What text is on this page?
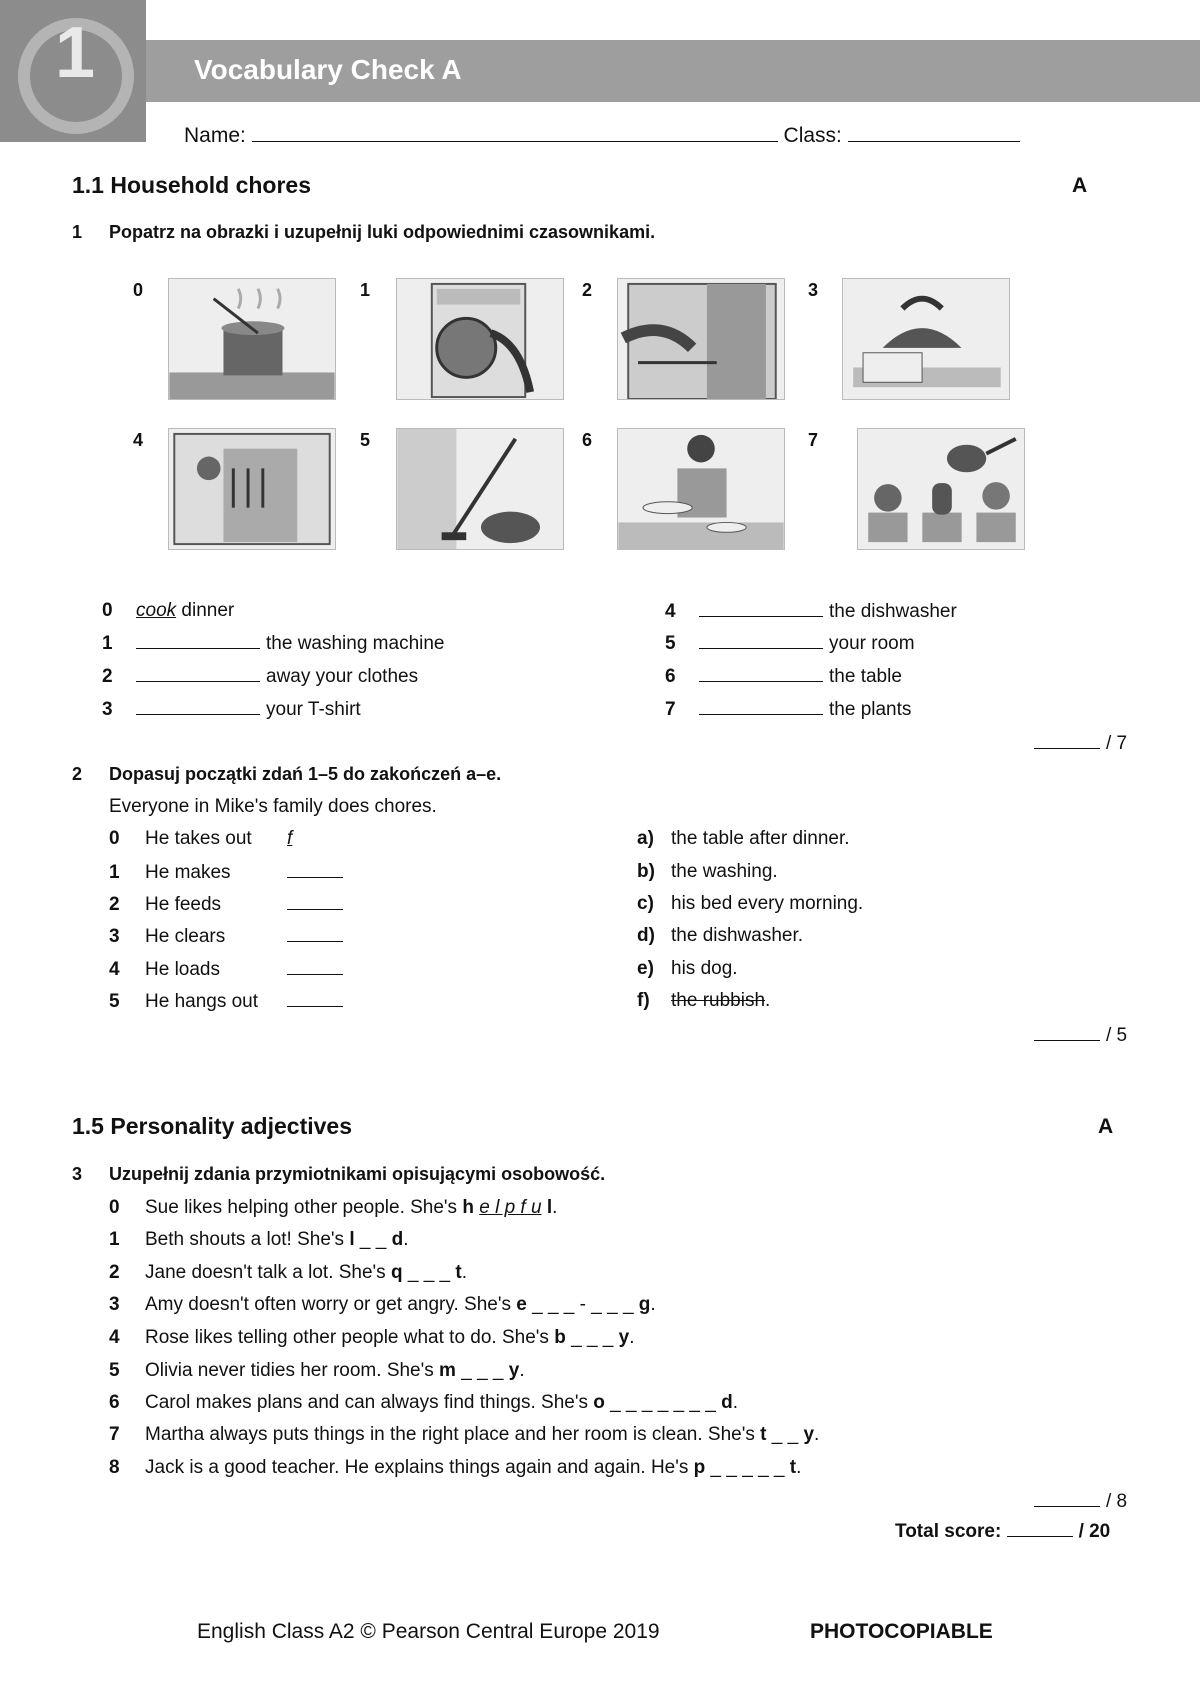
1	Vocabulary Check A
Name:	Class:
1.1 Household chores	A
1 Popatrz na obrazki i uzupełnij luki odpowiednimi czasownikami.
0	1	2	3
4	5	6	7
0 cook dinner
1	the washing machine
2	away your clothes
3	your T-shirt
4	the dishwasher
5	your room
6	the table
7	the plants
/ 7
2 Dopasuj początki zdań 1–5 do zakończeń a–e.
Everyone in Mike's family does chores.
0 He takes out f
1 He makes
2 He feeds
3 He clears
4 He loads
5 He hangs out
a) the table after dinner.
b) the washing.
c) his bed every morning.
d) the dishwasher.
e) his dog.
f) the rubbish.
/ 5
1.5 Personality adjectives	A
3 Uzupełnij zdania przymiotnikami opisującymi osobowość.
0 Sue likes helping other people. She's h e l p f u l.
1 Beth shouts a lot! She's l _ _ d.
2 Jane doesn't talk a lot. She's q _ _ _ t.
3 Amy doesn't often worry or get angry. She's e _ _ _ - _ _ _ g.
4 Rose likes telling other people what to do. She's b _ _ _ y.
5 Olivia never tidies her room. She's m _ _ _ y.
6 Carol makes plans and can always find things. She's o _ _ _ _ _ _ _ d.
7 Martha always puts things in the right place and her room is clean. She's t _ _ y.
8 Jack is a good teacher. He explains things again and again. He's p _ _ _ _ _ t.
/ 8
Total score:	/ 20
English Class A2 © Pearson Central Europe 2019	PHOTOCOPIABLE
